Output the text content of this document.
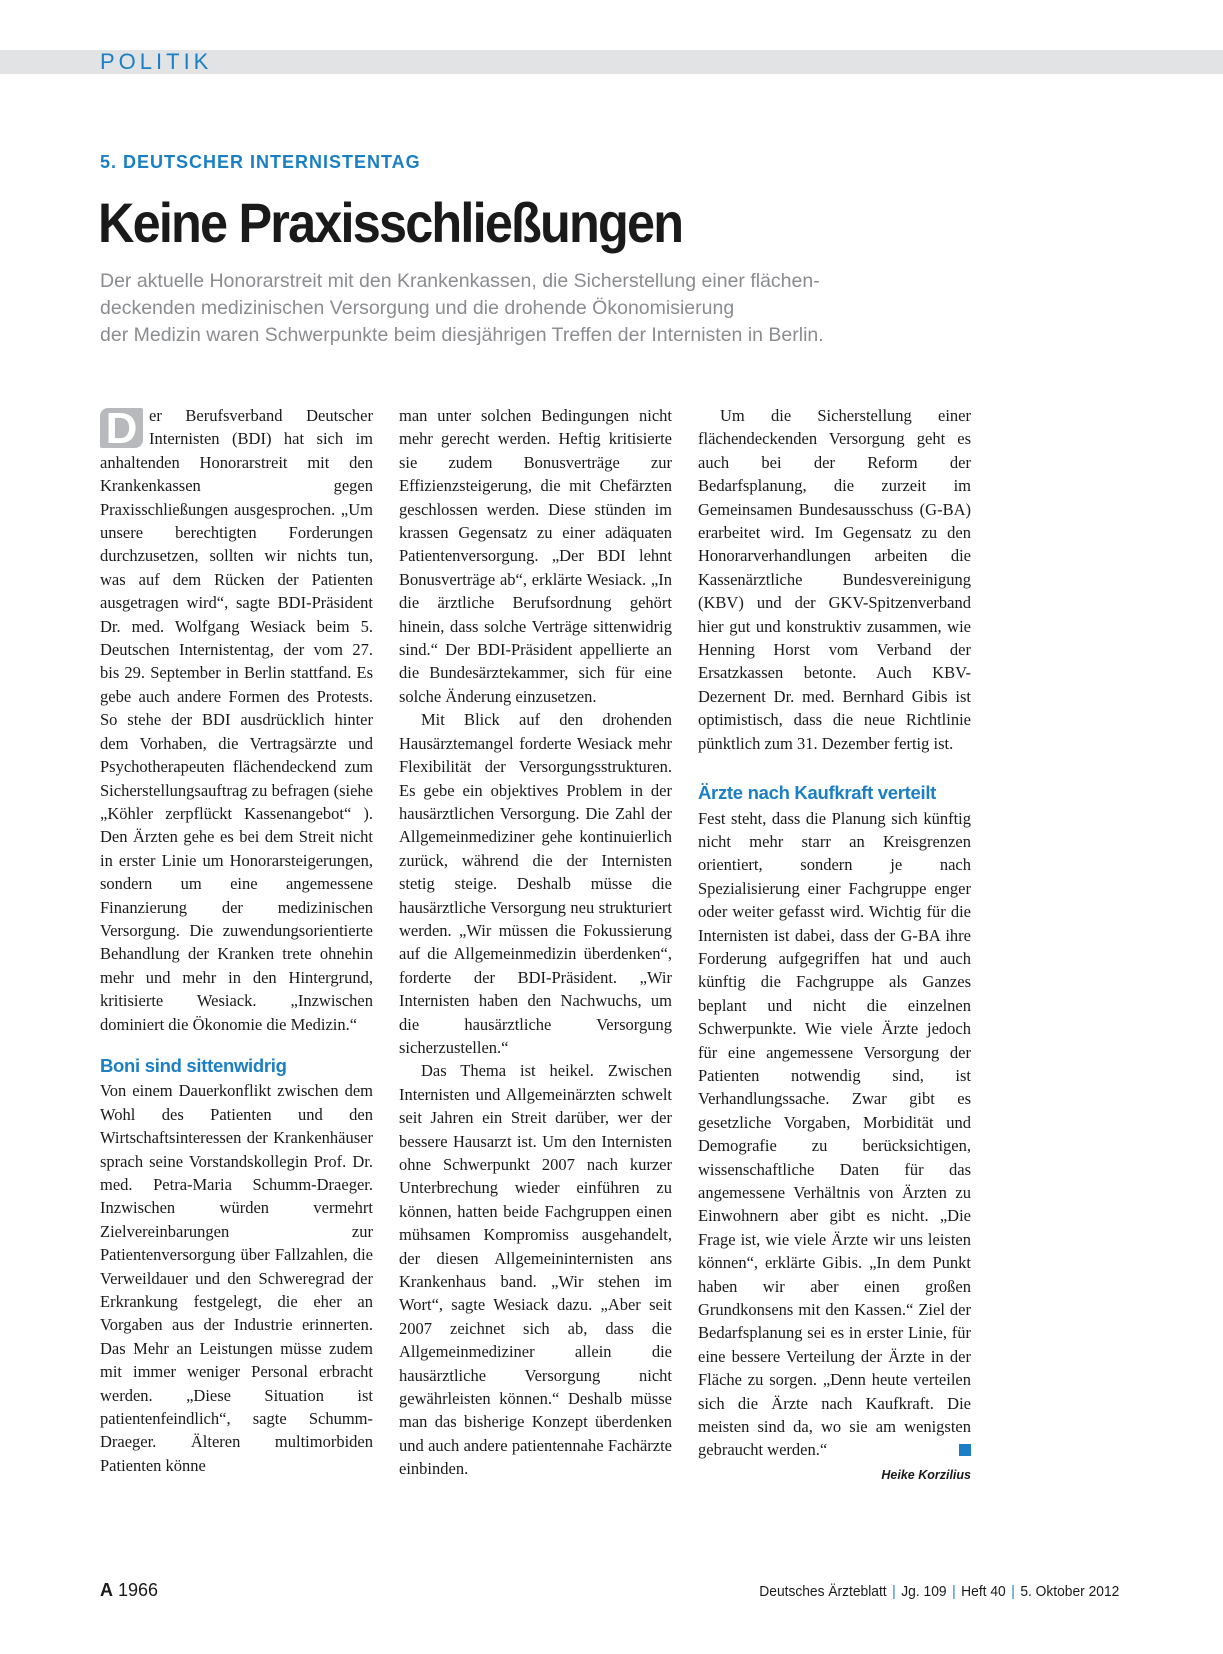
POLITIK
5. DEUTSCHER INTERNISTENTAG
Keine Praxisschließungen
Der aktuelle Honorarstreit mit den Krankenkassen, die Sicherstellung einer flächen-
deckenden medizinischen Versorgung und die drohende Ökonomisierung
der Medizin waren Schwerpunkte beim diesjährigen Treffen der Internisten in Berlin.

D er Berufsverband Deutscher Internisten (BDI) hat sich im anhaltenden Honorarstreit mit den Krankenkassen gegen Praxisschließungen ausgesprochen. „Um unsere berechtigten Forderungen durchzusetzen, sollten wir nichts tun, was auf dem Rücken der Patienten ausgetragen wird“, sagte BDI-Präsident Dr. med. Wolfgang Wesiack beim 5. Deutschen Internistentag, der vom 27. bis 29. September in Berlin stattfand. Es gebe auch andere Formen des Protests. So stehe der BDI ausdrücklich hinter dem Vorhaben, die Vertragsärzte und Psychotherapeuten flächendeckend zum Sicherstellungsauftrag zu befragen (siehe „Köhler zerpflückt Kassenangebot“ ). Den Ärzten gehe es bei dem Streit nicht in erster Linie um Honorarsteigerungen, sondern um eine angemessene Finanzierung der medizinischen Versorgung. Die zuwendungsorientierte Behandlung der Kranken trete ohnehin mehr und mehr in den Hintergrund, kritisierte Wesiack. „Inzwischen dominiert die Ökonomie die Medizin.“

Boni sind sittenwidrig

Von einem Dauerkonflikt zwischen dem Wohl des Patienten und den Wirtschaftsinteressen der Krankenhäuser sprach seine Vorstandskollegin Prof. Dr. med. Petra-Maria Schumm-Draeger. Inzwischen würden vermehrt Zielvereinbarungen zur Patientenversorgung über Fallzahlen, die Verweildauer und den Schweregrad der Erkrankung festgelegt, die eher an Vorgaben aus der Industrie erinnerten. Das Mehr an Leistungen müsse zudem mit immer weniger Personal erbracht werden. „Diese Situation ist patientenfeindlich“, sagte Schumm-Draeger. Älteren multimorbiden Patienten könne

man unter solchen Bedingungen nicht mehr gerecht werden. Heftig kritisierte sie zudem Bonusverträge zur Effizienzsteigerung, die mit Chefärzten geschlossen werden. Diese stünden im krassen Gegensatz zu einer adäquaten Patientenversorgung. „Der BDI lehnt Bonusverträge ab“, erklärte Wesiack. „In die ärztliche Berufsordnung gehört hinein, dass solche Verträge sittenwidrig sind.“ Der BDI-Präsident appellierte an die Bundesärztekammer, sich für eine solche Änderung einzusetzen.

Mit Blick auf den drohenden Hausärztemangel forderte Wesiack mehr Flexibilität der Versorgungsstrukturen. Es gebe ein objektives Problem in der hausärztlichen Versorgung. Die Zahl der Allgemeinmediziner gehe kontinuierlich zurück, während die der Internisten stetig steige. Deshalb müsse die hausärztliche Versorgung neu strukturiert werden. „Wir müssen die Fokussierung auf die Allgemeinmedizin überdenken“, forderte der BDI-Präsident. „Wir Internisten haben den Nachwuchs, um die hausärztliche Versorgung sicherzustellen.“

Das Thema ist heikel. Zwischen Internisten und Allgemeinärzten schwelt seit Jahren ein Streit darüber, wer der bessere Hausarzt ist. Um den Internisten ohne Schwerpunkt 2007 nach kurzer Unterbrechung wieder einführen zu können, hatten beide Fachgruppen einen mühsamen Kompromiss ausgehandelt, der diesen Allgemeininternisten ans Krankenhaus band. „Wir stehen im Wort“, sagte Wesiack dazu. „Aber seit 2007 zeichnet sich ab, dass die Allgemeinmediziner allein die hausärztliche Versorgung nicht gewährleisten können.“ Deshalb müsse man das bisherige Konzept überdenken und auch andere patientennahe Fachärzte einbinden.

Um die Sicherstellung einer flächendeckenden Versorgung geht es auch bei der Reform der Bedarfsplanung, die zurzeit im Gemeinsamen Bundesausschuss (G-BA) erarbeitet wird. Im Gegensatz zu den Honorarverhandlungen arbeiten die Kassenärztliche Bundesvereinigung (KBV) und der GKV-Spitzenverband hier gut und konstruktiv zusammen, wie Henning Horst vom Verband der Ersatzkassen betonte. Auch KBV-Dezernent Dr. med. Bernhard Gibis ist optimistisch, dass die neue Richtlinie pünktlich zum 31. Dezember fertig ist.

Ärzte nach Kaufkraft verteilt

Fest steht, dass die Planung sich künftig nicht mehr starr an Kreisgrenzen orientiert, sondern je nach Spezialisierung einer Fachgruppe enger oder weiter gefasst wird. Wichtig für die Internisten ist dabei, dass der G-BA ihre Forderung aufgegriffen hat und auch künftig die Fachgruppe als Ganzes beplant und nicht die einzelnen Schwerpunkte. Wie viele Ärzte jedoch für eine angemessene Versorgung der Patienten notwendig sind, ist Verhandlungssache. Zwar gibt es gesetzliche Vorgaben, Morbidität und Demografie zu berücksichtigen, wissenschaftliche Daten für das angemessene Verhältnis von Ärzten zu Einwohnern aber gibt es nicht. „Die Frage ist, wie viele Ärzte wir uns leisten können“, erklärte Gibis. „In dem Punkt haben wir aber einen großen Grundkonsens mit den Kassen.“ Ziel der Bedarfsplanung sei es in erster Linie, für eine bessere Verteilung der Ärzte in der Fläche zu sorgen. „Denn heute verteilen sich die Ärzte nach Kaufkraft. Die meisten sind da, wo sie am wenigsten gebraucht werden.“

Heike Korzilius
A 1966	Deutsches Ärzteblatt | Jg. 109 | Heft 40 | 5. Oktober 2012
